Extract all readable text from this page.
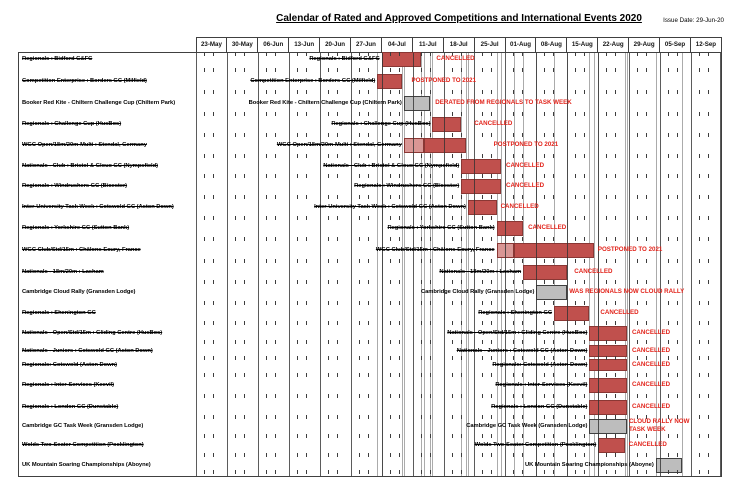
Calendar of Rated and Approved Competitions and International Events 2020	Issue Date: 29-Jun-20
23-May	30-May	06-Jun	13-Jun	20-Jun	27-Jun	04-Jul	11-Jul	18-Jul	25-Jul	01-Aug	08-Aug	15-Aug	22-Aug	29-Aug	05-Sep	12-Sep
Regionals : Bidford G&FC	Regionals : Bidford G&FC	CANCELLED
Competition Enterprise : Borders GC (Milfield)	Competition Enterprise : Borders GC (Milfield)	POSTPONED TO 2021
Booker Red Kite - Chiltern Challenge Cup (Chiltern Park)	Booker Red Kite - Chiltern Challenge Cup (Chiltern Park)	DERATED FROM REGIONALS TO TASK WEEK
Regionals : Challenge Cup (HusBos)	Regionals : Challenge Cup (HusBos)	CANCELLED
WGC Open/18m/20m-Multi : Stendal, Germany	WGC Open/18m/20m-Multi : Stendal, Germany	POSTPONED TO 2021
Nationals - Club : Bristol & Glouc GC (Nympsfield)	Nationals - Club : Bristol & Glouc GC (Nympsfield)	CANCELLED
Regionals : Windrushers GC (Bicester)	Regionals : Windrushers GC (Bicester)	CANCELLED
Inter-University Task Week : Cotswold GC (Aston Down)	Inter-University Task Week : Cotswold GC (Aston Down)	CANCELLED
Regionals : Yorkshire GC (Sutton Bank)	Regionals : Yorkshire GC (Sutton Bank)	CANCELLED
WGC Club/Std/15m : Châlons-Ecury, France	WGC Club/Std/15m : Châlons-Ecury, France	POSTPONED TO 2021
Nationals - 18m/20m : Lasham	Nationals - 18m/20m : Lasham	CANCELLED
Cambridge Cloud Rally (Gransden Lodge)	Cambridge Cloud Rally (Gransden Lodge)	WAS REGIONALS NOW CLOUD RALLY
Regionals : Shenington GC	Regionals : Shenington GC	CANCELLED
Nationals - Open/Std/15m : Gliding Centre (HusBos)	Nationals - Open/Std/15m : Gliding Centre (HusBos)	CANCELLED
Nationals - Juniors : Cotswold GC (Aston Down)	Nationals - Juniors : Cotswold GC (Aston Down)	CANCELLED
Regionals: Cotswold (Aston Down)	Regionals: Cotswold (Aston Down)	CANCELLED
Regionals : Inter-Services (Keevil)	Regionals : Inter-Services (Keevil)	CANCELLED
Regionals : London GC (Dunstable)	Regionals : London GC (Dunstable)	CANCELLED
Cambridge GC Task Week (Gransden Lodge)	Cambridge GC Task Week (Gransden Lodge)
CLOUD RALLY NOW
TASK WEEK
Wolds Two-Seater Competition (Pocklington)	Wolds Two-Seater Competition (Pocklington)	CANCELLED
UK Mountain Soaring Championships (Aboyne)	UK Mountain Soaring Championships (Aboyne)
